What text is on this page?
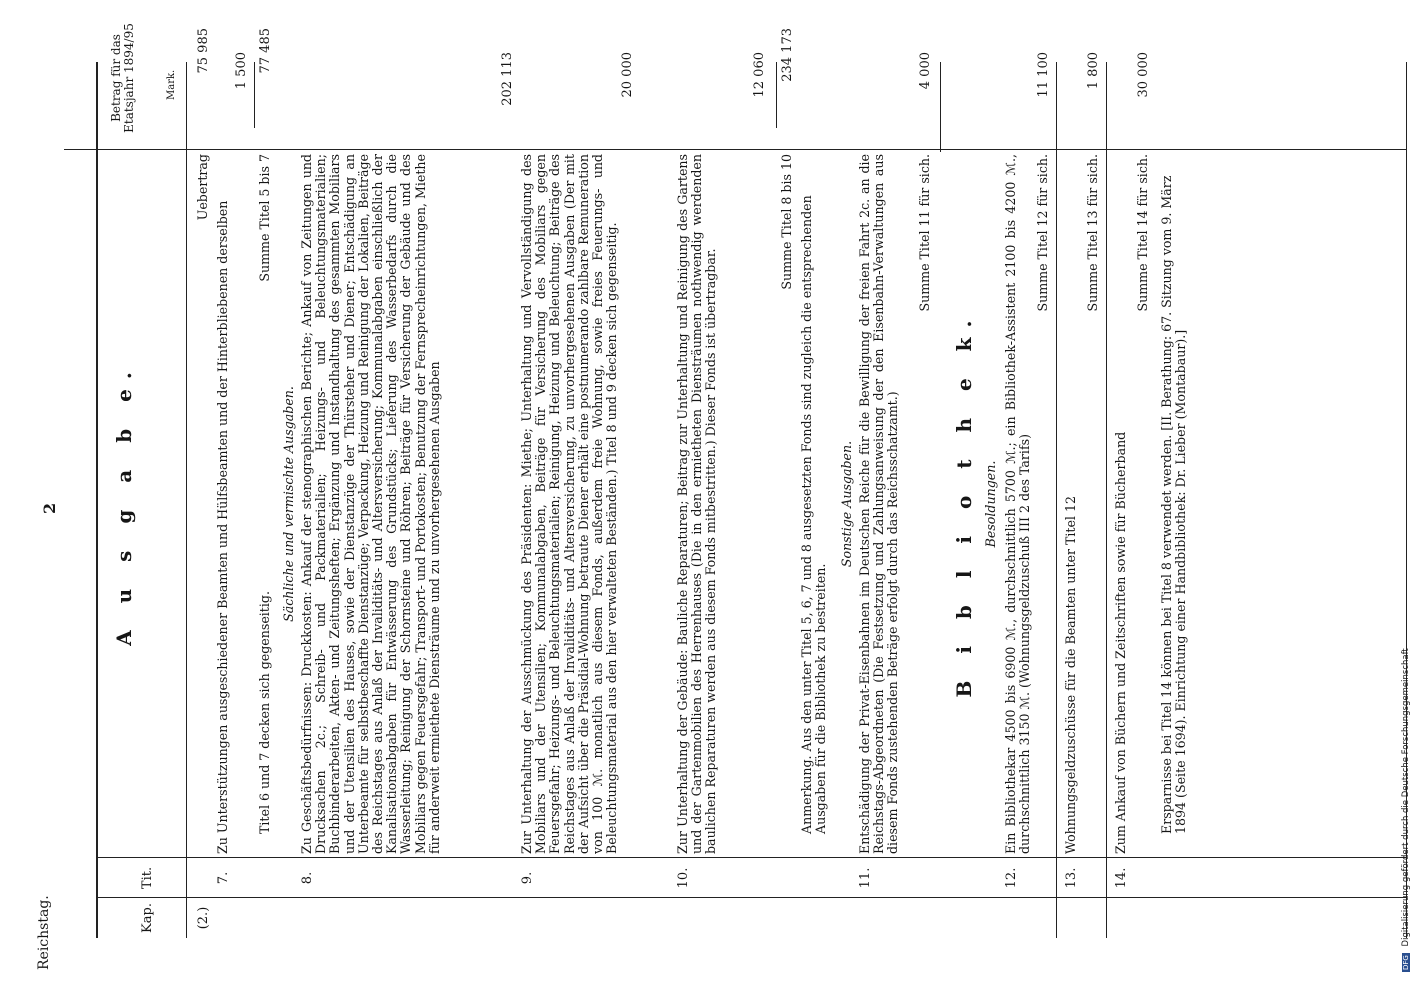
Reichstag.
2
Kap.
Tit.
Betrag für das Etatsjahr 1894/95	Mark.
A u s g a b e.
(2.)
Uebertrag
75 985
7.
Zu Unterstützungen ausgeschiedener Beamten und Hülfsbeamten und der Hinterbliebenen derselben
1 500
Titel 6 und 7 decken sich gegenseitig.
Summe Titel 5 bis 7
77 485
Sächliche und vermischte Ausgaben.
8.
Zu Geschäftsbedürfnissen: Druckkosten: Ankauf der stenographischen Berichte; Ankauf von Zeitungen und Drucksachen 2c.; Schreib- und Packmaterialien; Heizungs- und Beleuchtungsmaterialien; Buchbinderarbeiten, Akten- und Zeitungsheften; Ergänzung und Instandhaltung des gesammten Mobiliars und der Utensilien des Hauses, sowie der Dienstanzüge der Thürsteher und Diener; Entschädigung an Unterbeamte für selbstbeschaffte Dienstanzüge; Verpackung, Heizung und Reinigung der Lokalien, Beiträge des Reichstages aus Anlaß der Invaliditäts- und Altersversicherung; Kommunalabgaben einschließlich der Kanalisationsabgaben für Entwässerung des Grundstücks; Lieferung des Wasserbedarfs durch die Wasserleitung; Reinigung der Schornsteine und Röhren; Beiträge für Versicherung der Gebäude und des Mobiliars gegen Feuersgefahr; Transport- und Portokosten; Benutzung der Fernsprecheinrichtungen, Miethe für anderweit ermiethete Diensträume und zu unvorhergesehenen Ausgaben
202 113
9.
Zur Unterhaltung der Ausschmückung des Präsidenten: Miethe; Unterhaltung und Vervollständigung des Mobiliars und der Utensilien; Kommunalabgaben, Beiträge für Versicherung des Mobiliars gegen Feuersgefahr; Heizungs- und Beleuchtungsmaterialien; Reinigung, Heizung und Beleuchtung; Beiträge des Reichstages aus Anlaß der Invaliditäts- und Altersversicherung, zu unvorhergesehenen Ausgaben (Der mit der Aufsicht über die Präsidial-Wohnung betraute Diener erhält eine postnumerando zahlbare Remuneration von 100 ℳ. monatlich aus diesem Fonds, außerdem freie Wohnung, sowie freies Feuerungs- und Beleuchtungsmaterial aus den hier verwalteten Beständen.) Titel 8 und 9 decken sich gegenseitig.
20 000
10.
Zur Unterhaltung der Gebäude: Bauliche Reparaturen; Beitrag zur Unterhaltung und Reinigung des Gartens und der Gartenmobilien des Herrenhauses (Die in den ermietheten Diensträumen nothwendig werdenden baulichen Reparaturen werden aus diesem Fonds mitbestritten.) Dieser Fonds ist übertragbar.
12 060
Summe Titel 8 bis 10
234 173
Anmerkung. Aus den unter Titel 5, 6, 7 und 8 ausgesetzten Fonds sind zugleich die entsprechenden Ausgaben für die Bibliothek zu bestreiten.
Sonstige Ausgaben.
11.
Entschädigung der Privat-Eisenbahnen im Deutschen Reiche für die Bewilligung der freien Fahrt 2c. an die Reichstags-Abgeordneten (Die Festsetzung und Zahlungsanweisung der den Eisenbahn-Verwaltungen aus diesem Fonds zustehenden Beträge erfolgt durch das Reichsschatzamt.)
Summe Titel 11 für sich.
4 000
B i b l i o t h e k. Besoldungen.
12.
Ein Bibliothekar 4500 bis 6900 ℳ., durchschnittlich 5700 ℳ.; ein Bibliothek-Assistent 2100 bis 4200 ℳ., durchschnittlich 3150 ℳ. (Wohnungsgeldzuschuß III 2 des Tarifs)
Summe Titel 12 für sich.
11 100
13.
Wohnungsgeldzuschüsse für die Beamten unter Titel 12
Summe Titel 13 für sich.
1 800
14.
Zum Ankauf von Büchern und Zeitschriften sowie für Bücherband
Summe Titel 14 für sich.
30 000
Ersparnisse bei Titel 14 können bei Titel 8 verwendet werden. [II. Berathung: 67. Sitzung vom 9. März 1894 (Seite 1694). Einrichtung einer Handbibliothek: Dr. Lieber (Montabaur).]
DFG Digitalisierung gefördert durch die Deutsche Forschungsgemeinschaft
